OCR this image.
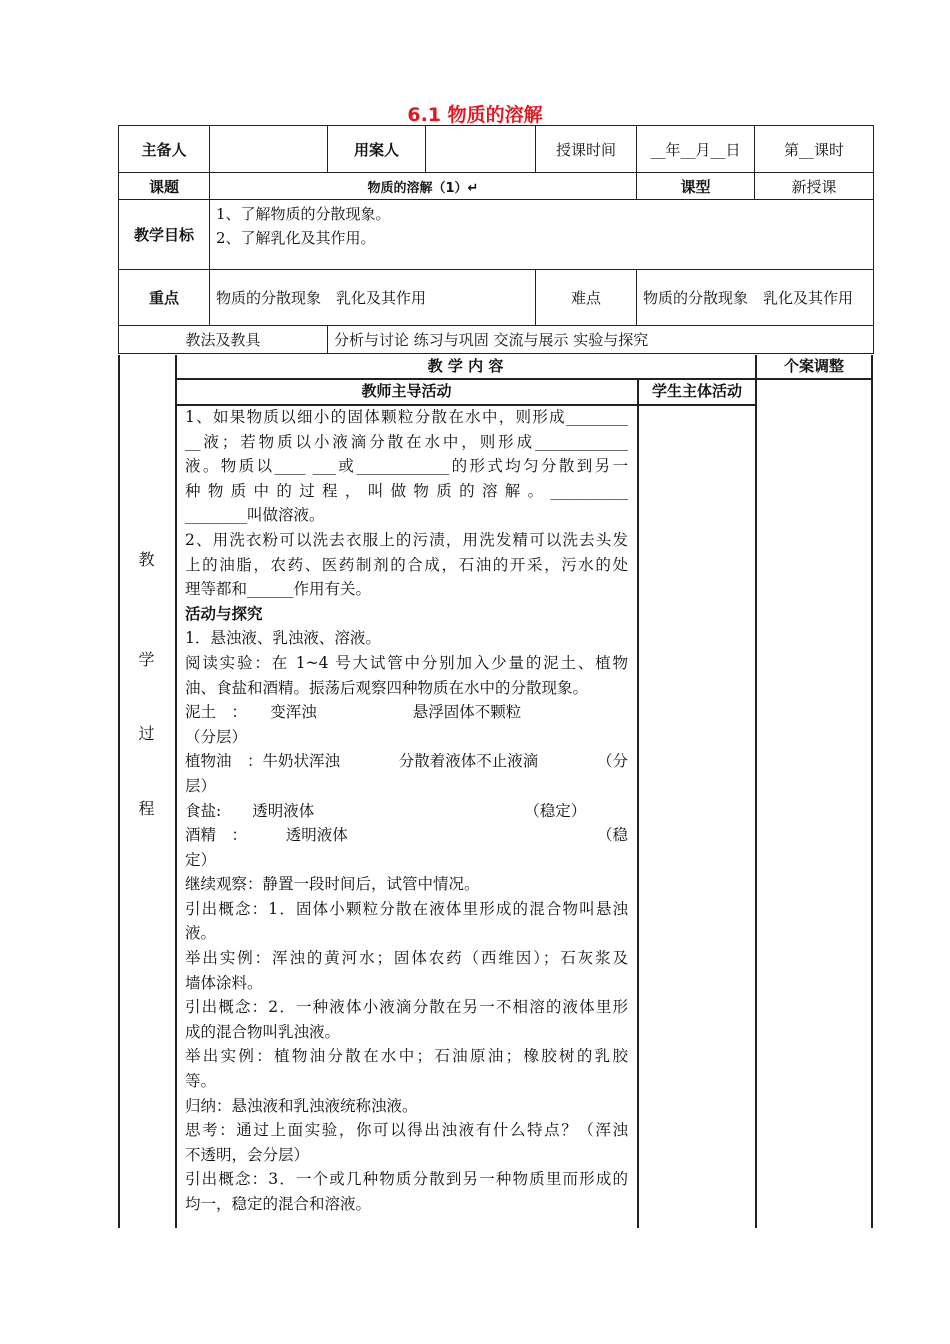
6.1 物质的溶解
主备人		用案人		授课时间	__年__月__日	第__课时
课题	物质的溶解（1）↵				课型	新授课
教学目标	1、了解物质的分散现象。
2、了解乳化及其作用。					

重点	物质的分散现象　乳化及其作用			难点	物质的分散现象　乳化及其作用	
教法及教具		分析与讨论 练习与巩固 交流与展示 实验与探究				
教 学 内 容	个案调整
教师主导活动	学生主体活动
教
学
过
程

1、如果物质以细小的固体颗粒分散在水中，则形成________

__液；若物质以小液滴分散在水中，则形成____________

液。物质以____ ___或____________的形式均匀分散到另一

种 物 质 中 的 过 程 ， 叫 做 物 质 的 溶 解 。 __________

________叫做溶液。

2、用洗衣粉可以洗去衣服上的污渍，用洗发精可以洗去头发

上的油脂，农药、医药制剂的合成，石油的开采，污水的处

理等都和______作用有关。

活动与探究

1．悬浊液、乳浊液、溶液。

阅读实验：在 1~4 号大试管中分别加入少量的泥土、植物

油、食盐和酒精。振荡后观察四种物质在水中的分散现象。

泥土　：　　变浑浊	悬浮固体不颗粒

（分层）

植物油　：牛奶状浑浊	分散着液体不止液滴	（分

层）

食盐:　　透明液体	（稳定）

酒精　：　　　透明液体	（稳

定）

继续观察：静置一段时间后，试管中情况。

引出概念：1．固体小颗粒分散在液体里形成的混合物叫悬浊

液。

举出实例：浑浊的黄河水；固体农药（西维因）；石灰浆及

墙体涂料。

引出概念：2．一种液体小液滴分散在另一不相溶的液体里形

成的混合物叫乳浊液。

举出实例：植物油分散在水中；石油原油；橡胶树的乳胶

等。

归纳：悬浊液和乳浊液统称浊液。

思考：通过上面实验，你可以得出浊液有什么特点？（浑浊

不透明，会分层）

引出概念：3．一个或几种物质分散到另一种物质里而形成的

均一，稳定的混合和溶液。
